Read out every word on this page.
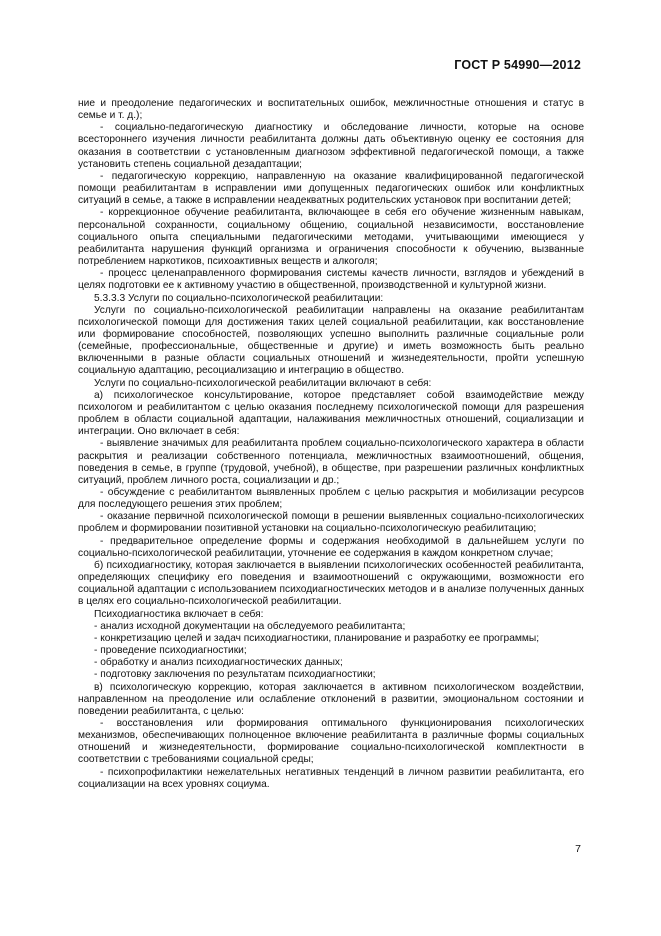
ГОСТ Р 54990—2012

ние и преодоление педагогических и воспитательных ошибок, межличностные отношения и статус в семье и т. д.);

- социально-педагогическую диагностику и обследование личности, которые на основе всестороннего изучения личности реабилитанта должны дать объективную оценку ее состояния для оказания в соответствии с установленным диагнозом эффективной педагогической помощи, а также установить степень социальной дезадаптации;

- педагогическую коррекцию, направленную на оказание квалифицированной педагогической помощи реабилитантам в исправлении ими допущенных педагогических ошибок или конфликтных ситуаций в семье, а также в исправлении неадекватных родительских установок при воспитании детей;

- коррекционное обучение реабилитанта, включающее в себя его обучение жизненным навыкам, персональной сохранности, социальному общению, социальной независимости, восстановление социального опыта специальными педагогическими методами, учитывающими имеющиеся у реабилитанта нарушения функций организма и ограничения способности к обучению, вызванные потреблением наркотиков, психоактивных веществ и алкоголя;

- процесс целенаправленного формирования системы качеств личности, взглядов и убеждений в целях подготовки ее к активному участию в общественной, производственной и культурной жизни.

5.3.3.3 Услуги по социально-психологической реабилитации:

Услуги по социально-психологической реабилитации направлены на оказание реабилитантам психологической помощи для достижения таких целей социальной реабилитации, как восстановление или формирование способностей, позволяющих успешно выполнить различные социальные роли (семейные, профессиональные, общественные и другие) и иметь возможность быть реально включенными в разные области социальных отношений и жизнедеятельности, пройти успешную социальную адаптацию, ресоциализацию и интеграцию в общество.

Услуги по социально-психологической реабилитации включают в себя:

а) психологическое консультирование, которое представляет собой взаимодействие между психологом и реабилитантом с целью оказания последнему психологической помощи для разрешения проблем в области социальной адаптации, налаживания межличностных отношений, социализации и интеграции. Оно включает в себя:

- выявление значимых для реабилитанта проблем социально-психологического характера в области раскрытия и реализации собственного потенциала, межличностных взаимоотношений, общения, поведения в семье, в группе (трудовой, учебной), в обществе, при разрешении различных конфликтных ситуаций, проблем личного роста, социализации и др.;

- обсуждение с реабилитантом выявленных проблем с целью раскрытия и мобилизации ресурсов для последующего решения этих проблем;

- оказание первичной психологической помощи в решении выявленных социально-психологических проблем и формировании позитивной установки на социально-психологическую реабилитацию;

- предварительное определение формы и содержания необходимой в дальнейшем услуги по социально-психологической реабилитации, уточнение ее содержания в каждом конкретном случае;

б) психодиагностику, которая заключается в выявлении психологических особенностей реабилитанта, определяющих специфику его поведения и взаимоотношений с окружающими, возможности его социальной адаптации с использованием психодиагностических методов и в анализе полученных данных в целях его социально-психологической реабилитации.

Психодиагностика включает в себя:

- анализ исходной документации на обследуемого реабилитанта;

- конкретизацию целей и задач психодиагностики, планирование и разработку ее программы;

- проведение психодиагностики;

- обработку и анализ психодиагностических данных;

- подготовку заключения по результатам психодиагностики;

в) психологическую коррекцию, которая заключается в активном психологическом воздействии, направленном на преодоление или ослабление отклонений в развитии, эмоциональном состоянии и поведении реабилитанта, с целью:

- восстановления или формирования оптимального функционирования психологических механизмов, обеспечивающих полноценное включение реабилитанта в различные формы социальных отношений и жизнедеятельности, формирование социально-психологической комплектности в соответствии с требованиями социальной среды;

- психопрофилактики нежелательных негативных тенденций в личном развитии реабилитанта, его социализации на всех уровнях социума.

7
